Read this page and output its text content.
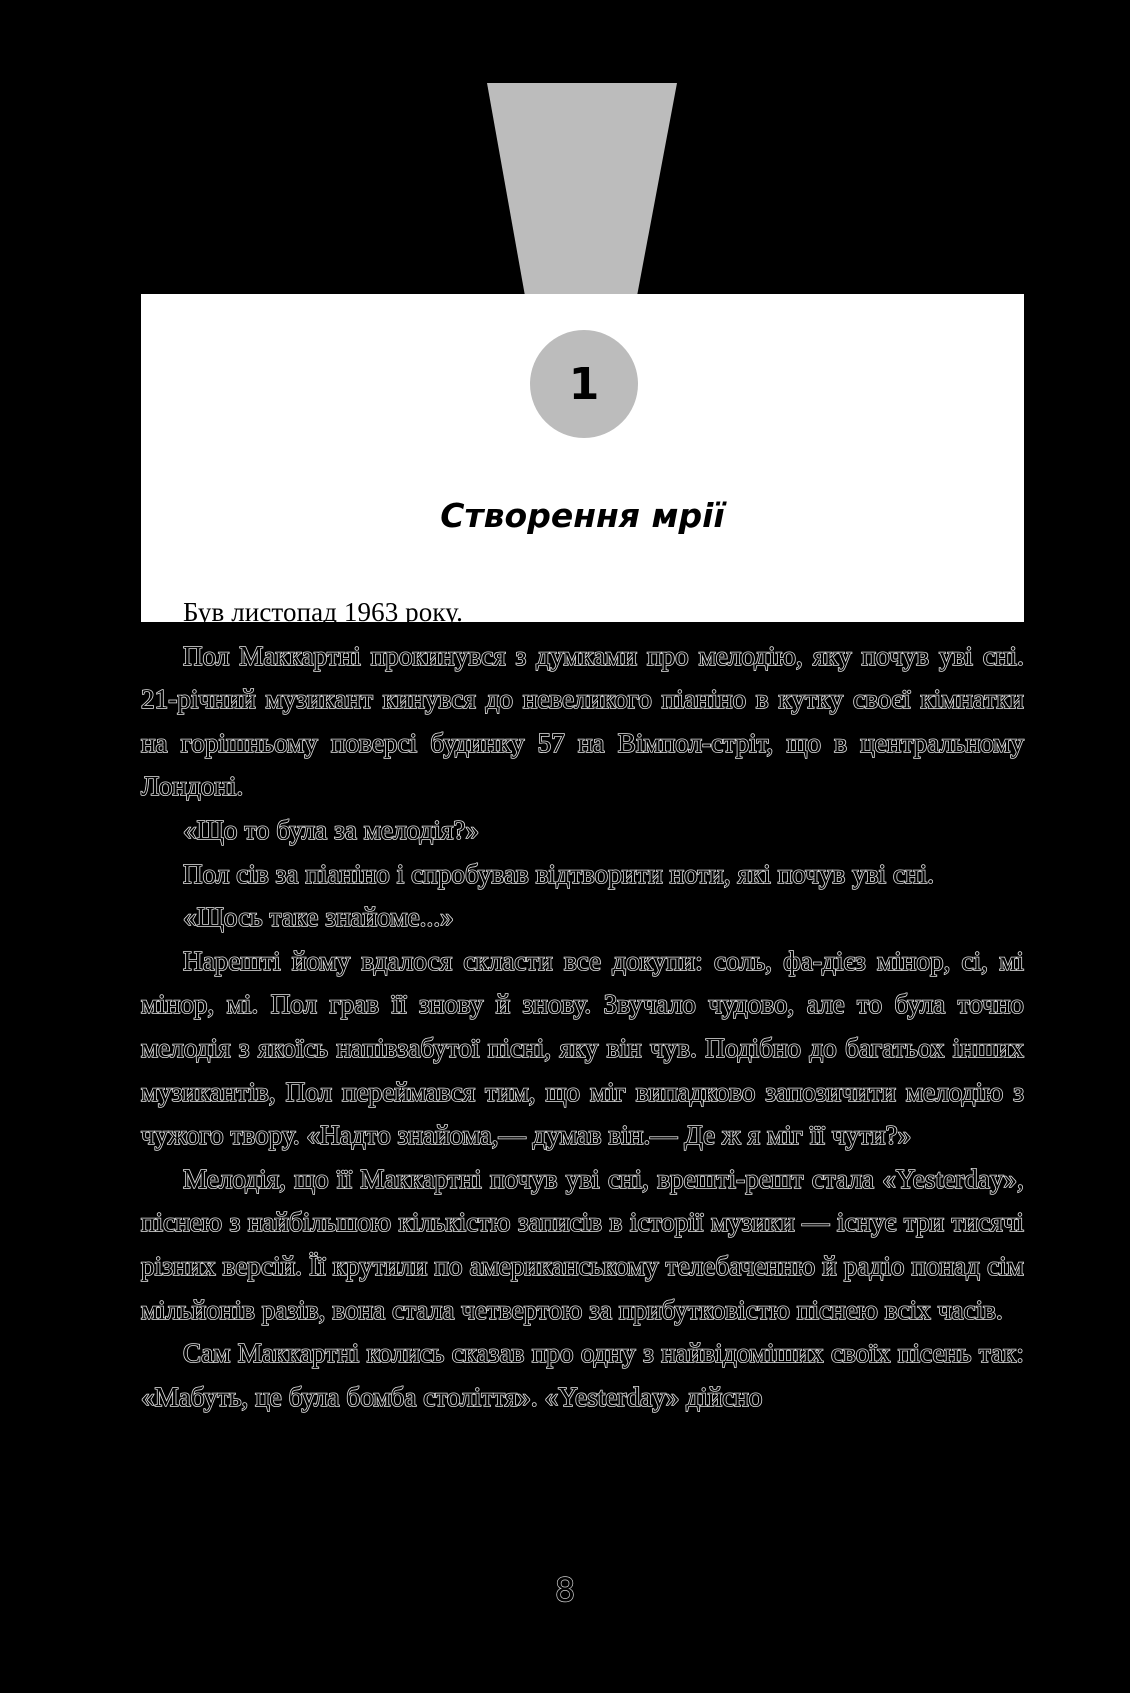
1
Створення мрії

Був листопад 1963 року.

Пол Маккартні прокинувся з думками про мелодію, яку почув уві сні. 21-річний музикант кинувся до невеликого піаніно в кутку своєї кімнатки на горішньому поверсі будинку 57 на Вімпол-стріт, що в центральному Лондоні.

«Що то була за мелодія?»

Пол сів за піаніно і спробував відтворити ноти, які почув уві сні.

«Щось таке знайоме...»

Нарешті йому вдалося скласти все докупи: соль, фа-дієз мінор, сі, мі мінор, мі. Пол грав її знову й знову. Звучало чудово, але то була точно мелодія з якоїсь напівзабутої пісні, яку він чув. Подібно до багатьох інших музикантів, Пол переймався тим, що міг випадково запозичити мелодію з чужого твору. «Надто знайома,— думав він.— Де ж я міг її чути?»

Мелодія, що її Маккартні почув уві сні, врешті-решт стала «Yesterday», піснею з найбільшою кількістю записів в історії музики — існує три тисячі різних версій. Її крутили по американському телебаченню й радіо понад сім мільйонів разів, вона стала четвертою за прибутковістю піснею всіх часів.

Сам Маккартні колись сказав про одну з найвідоміших своїх пісень так: «Мабуть, це була бомба століття». «Yesterday» дійсно

8
